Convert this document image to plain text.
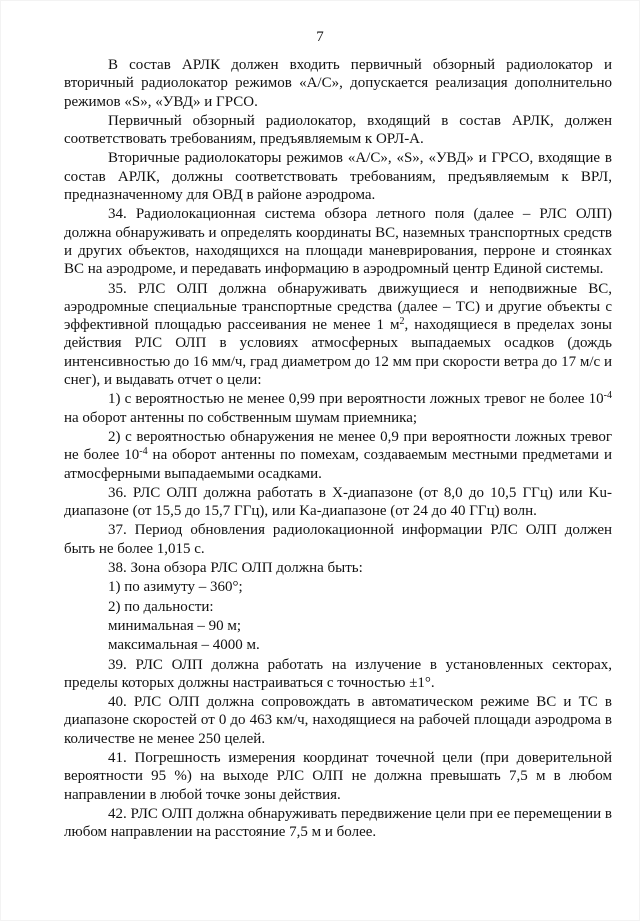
7

В состав АРЛК должен входить первичный обзорный радиолокатор и вторичный радиолокатор режимов «А/С», допускается реализация дополнительно режимов «S», «УВД» и ГРСО.

Первичный обзорный радиолокатор, входящий в состав АРЛК, должен соответствовать требованиям, предъявляемым к ОРЛ-А.

Вторичные радиолокаторы режимов «А/С», «S», «УВД» и ГРСО, входящие в состав АРЛК, должны соответствовать требованиям, предъявляемым к ВРЛ, предназначенному для ОВД в районе аэродрома.

34. Радиолокационная система обзора летного поля (далее – РЛС ОЛП) должна обнаруживать и определять координаты ВС, наземных транспортных средств и других объектов, находящихся на площади маневрирования, перроне и стоянках ВС на аэродроме, и передавать информацию в аэродромный центр Единой системы.

35. РЛС ОЛП должна обнаруживать движущиеся и неподвижные ВС, аэродромные специальные транспортные средства (далее – ТС) и другие объекты с эффективной площадью рассеивания не менее 1 $м^2$, находящиеся в пределах зоны действия РЛС ОЛП в условиях атмосферных выпадаемых осадков (дождь интенсивностью до 16 мм/ч, град диаметром до 12 мм при скорости ветра до 17 м/с и снег), и выдавать отчет о цели:

1) с вероятностью не менее 0,99 при вероятности ложных тревог не более $10^{-4}$ на оборот антенны по собственным шумам приемника;

2) с вероятностью обнаружения не менее 0,9 при вероятности ложных тревог не более $10^{-4}$ на оборот антенны по помехам, создаваемым местными предметами и атмосферными выпадаемыми осадками.

36. РЛС ОЛП должна работать в Х-диапазоне (от 8,0 до 10,5 ГГц) или Ku-диапазоне (от 15,5 до 15,7 ГГц), или Ka-диапазоне (от 24 до 40 ГГц) волн.

37. Период обновления радиолокационной информации РЛС ОЛП должен быть не более 1,015 с.

38. Зона обзора РЛС ОЛП должна быть:

1) по азимуту – 360°;

2) по дальности:

минимальная – 90 м;

максимальная – 4000 м.

39. РЛС ОЛП должна работать на излучение в установленных секторах, пределы которых должны настраиваться с точностью ±1°.

40. РЛС ОЛП должна сопровождать в автоматическом режиме ВС и ТС в диапазоне скоростей от 0 до 463 км/ч, находящиеся на рабочей площади аэродрома в количестве не менее 250 целей.

41. Погрешность измерения координат точечной цели (при доверительной вероятности 95 %) на выходе РЛС ОЛП не должна превышать 7,5 м в любом направлении в любой точке зоны действия.

42. РЛС ОЛП должна обнаруживать передвижение цели при ее перемещении в любом направлении на расстояние 7,5 м и более.
